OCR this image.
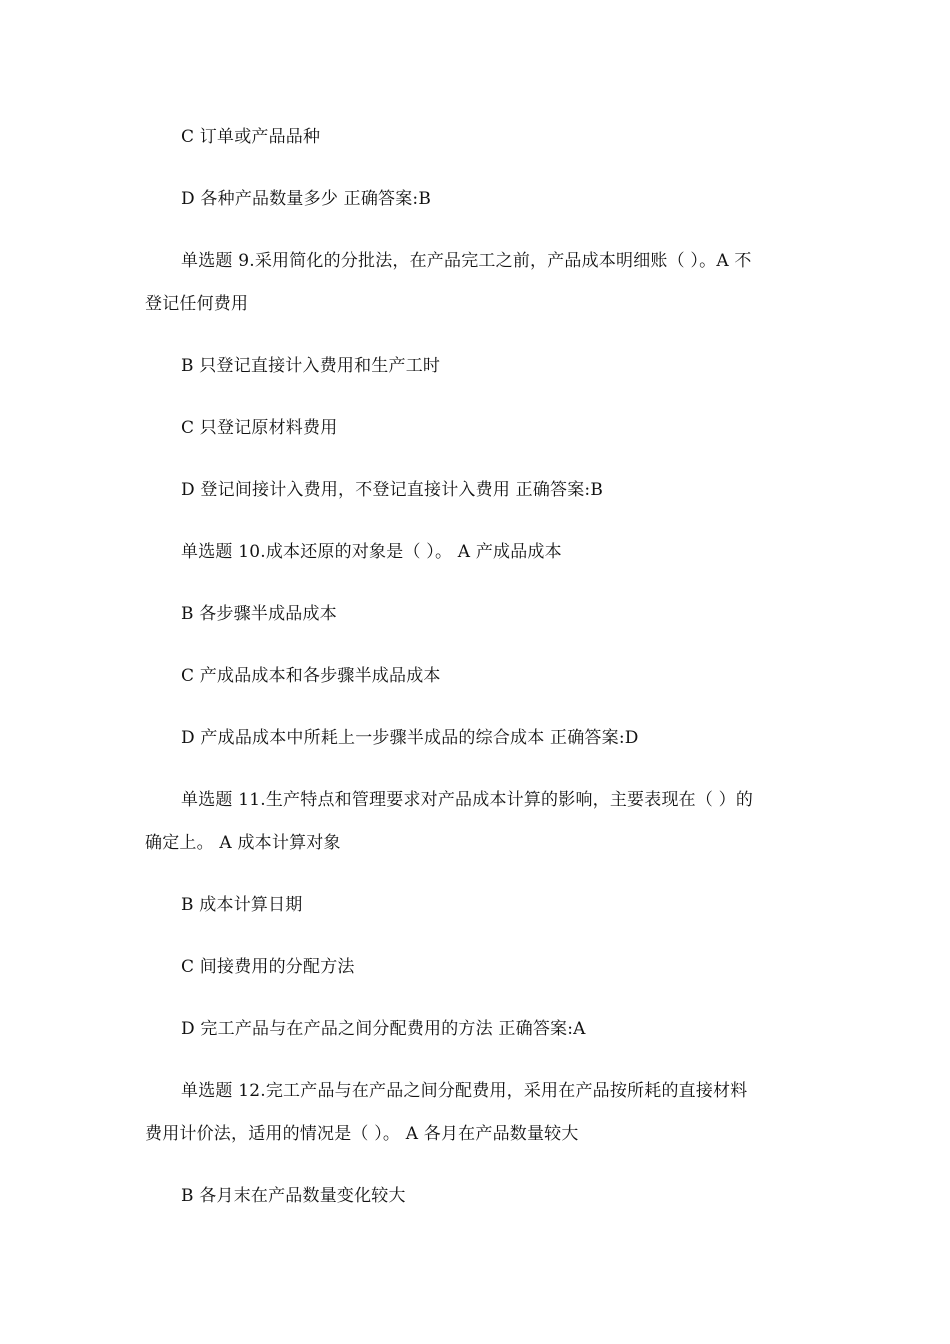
C 订单或产品品种
D 各种产品数量多少 正确答案:B
单选题 9.采用简化的分批法，在产品完工之前，产品成本明细账（ ）。A 不
登记任何费用
B 只登记直接计入费用和生产工时
C 只登记原材料费用
D 登记间接计入费用，不登记直接计入费用 正确答案:B
单选题 10.成本还原的对象是（ ）。 A 产成品成本
B 各步骤半成品成本
C 产成品成本和各步骤半成品成本
D 产成品成本中所耗上一步骤半成品的综合成本 正确答案:D
单选题 11.生产特点和管理要求对产品成本计算的影响，主要表现在（ ）的
确定上。 A 成本计算对象
B 成本计算日期
C 间接费用的分配方法
D 完工产品与在产品之间分配费用的方法 正确答案:A
单选题 12.完工产品与在产品之间分配费用，采用在产品按所耗的直接材料
费用计价法，适用的情况是（ ）。 A 各月在产品数量较大
B 各月末在产品数量变化较大
